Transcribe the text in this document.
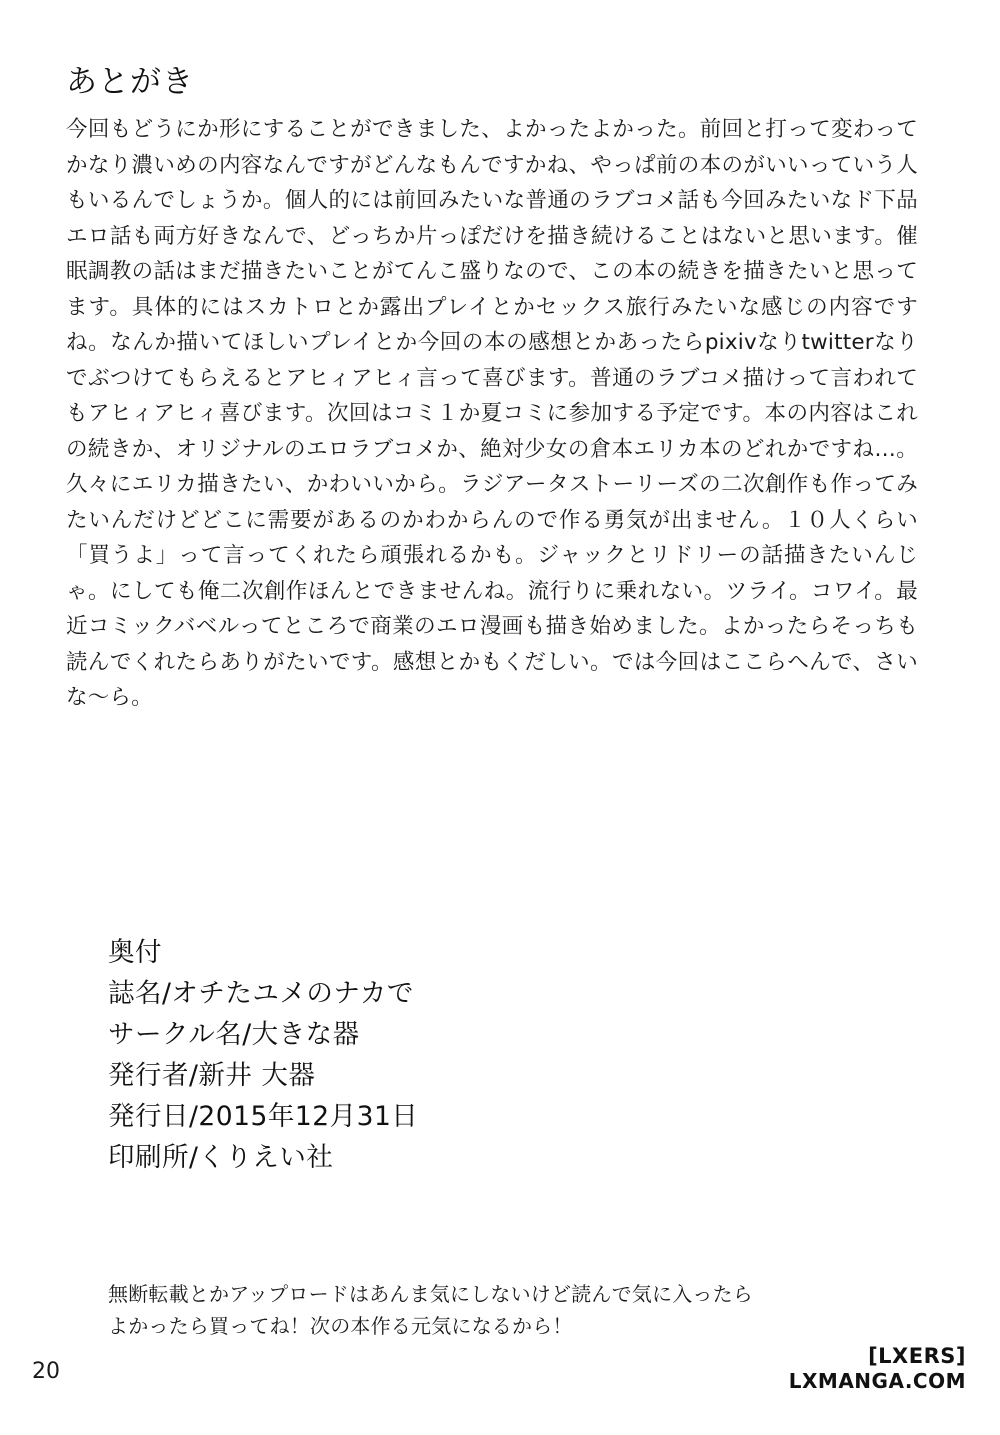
あとがき

今回もどうにか形にすることができました、よかったよかった。前回と打って変わってかなり濃いめの内容なんですがどんなもんですかね、やっぱ前の本のがいいっていう人もいるんでしょうか。個人的には前回みたいな普通のラブコメ話も今回みたいなド下品エロ話も両方好きなんで、どっちか片っぽだけを描き続けることはないと思います。催眠調教の話はまだ描きたいことがてんこ盛りなので、この本の続きを描きたいと思ってます。具体的にはスカトロとか露出プレイとかセックス旅行みたいな感じの内容ですね。なんか描いてほしいプレイとか今回の本の感想とかあったらpixivなりtwitterなりでぶつけてもらえるとアヒィアヒィ言って喜びます。普通のラブコメ描けって言われてもアヒィアヒィ喜びます。次回はコミ１か夏コミに参加する予定です。本の内容はこれの続きか、オリジナルのエロラブコメか、絶対少女の倉本エリカ本のどれかですね…。久々にエリカ描きたい、かわいいから。ラジアータストーリーズの二次創作も作ってみたいんだけどどこに需要があるのかわからんので作る勇気が出ません。１０人くらい「買うよ」って言ってくれたら頑張れるかも。ジャックとリドリーの話描きたいんじゃ。にしても俺二次創作ほんとできませんね。流行りに乗れない。ツライ。コワイ。最近コミックバベルってところで商業のエロ漫画も描き始めました。よかったらそっちも読んでくれたらありがたいです。感想とかもくだしい。では今回はここらへんで、さいな〜ら。

奥付
誌名/オチたユメのナカで
サークル名/大きな器
発行者/新井 大器
発行日/2015年12月31日
印刷所/くりえい社
無断転載とかアップロードはあんま気にしないけど読んで気に入ったら
よかったら買ってね！次の本作る元気になるから！
20
[LXERS]
LXMANGA.COM
